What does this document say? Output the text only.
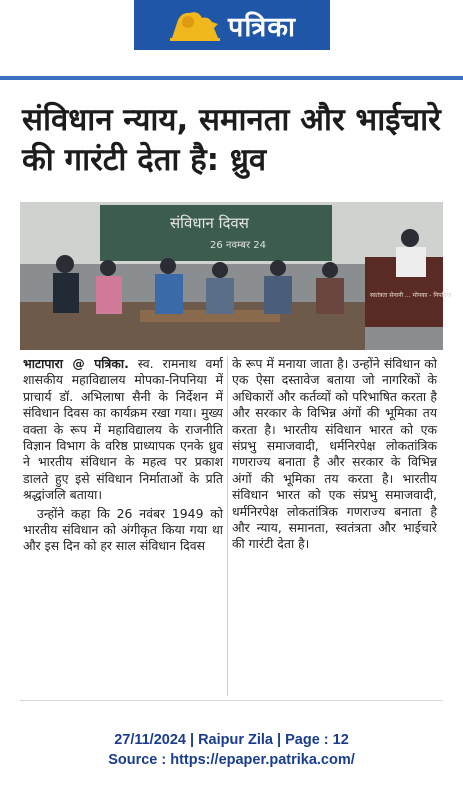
पत्रिका
संविधान न्याय, समानता और भाईचारे की गारंटी देता है: ध्रुव
संविधान दिवस
26 नवम्बर 24
स्वतंत्रता सेनानी ... मोपका - निपनिया

भाटापारा @ पत्रिका. स्व. रामनाथ वर्मा शासकीय महाविद्यालय मोपका-निपनिया में प्राचार्य डॉ. अभिलाषा सैनी के निर्देशन में संविधान दिवस का कार्यक्रम रखा गया। मुख्य वक्ता के रूप में महाविद्यालय के राजनीति विज्ञान विभाग के वरिष्ठ प्राध्यापक एनके ध्रुव ने भारतीय संविधान के महत्व पर प्रकाश डालते हुए इसे संविधान निर्माताओं के प्रति श्रद्धांजलि बताया।

उन्होंने कहा कि 26 नवंबर 1949 को भारतीय संविधान को अंगीकृत किया गया था और इस दिन को हर साल संविधान दिवस

के रूप में मनाया जाता है। उन्होंने संविधान को एक ऐसा दस्तावेज बताया जो नागरिकों के अधिकारों और कर्तव्यों को परिभाषित करता है और सरकार के विभिन्न अंगों की भूमिका तय करता है। भारतीय संविधान भारत को एक संप्रभु समाजवादी, धर्मनिरपेक्ष लोकतांत्रिक गणराज्य बनाता है और सरकार के विभिन्न अंगों की भूमिका तय करता है। भारतीय संविधान भारत को एक संप्रभु समाजवादी, धर्मनिरपेक्ष लोकतांत्रिक गणराज्य बनाता है और न्याय, समानता, स्वतंत्रता और भाईचारे की गारंटी देता है।

27/11/2024 | Raipur Zila | Page : 12
Source : https://epaper.patrika.com/
